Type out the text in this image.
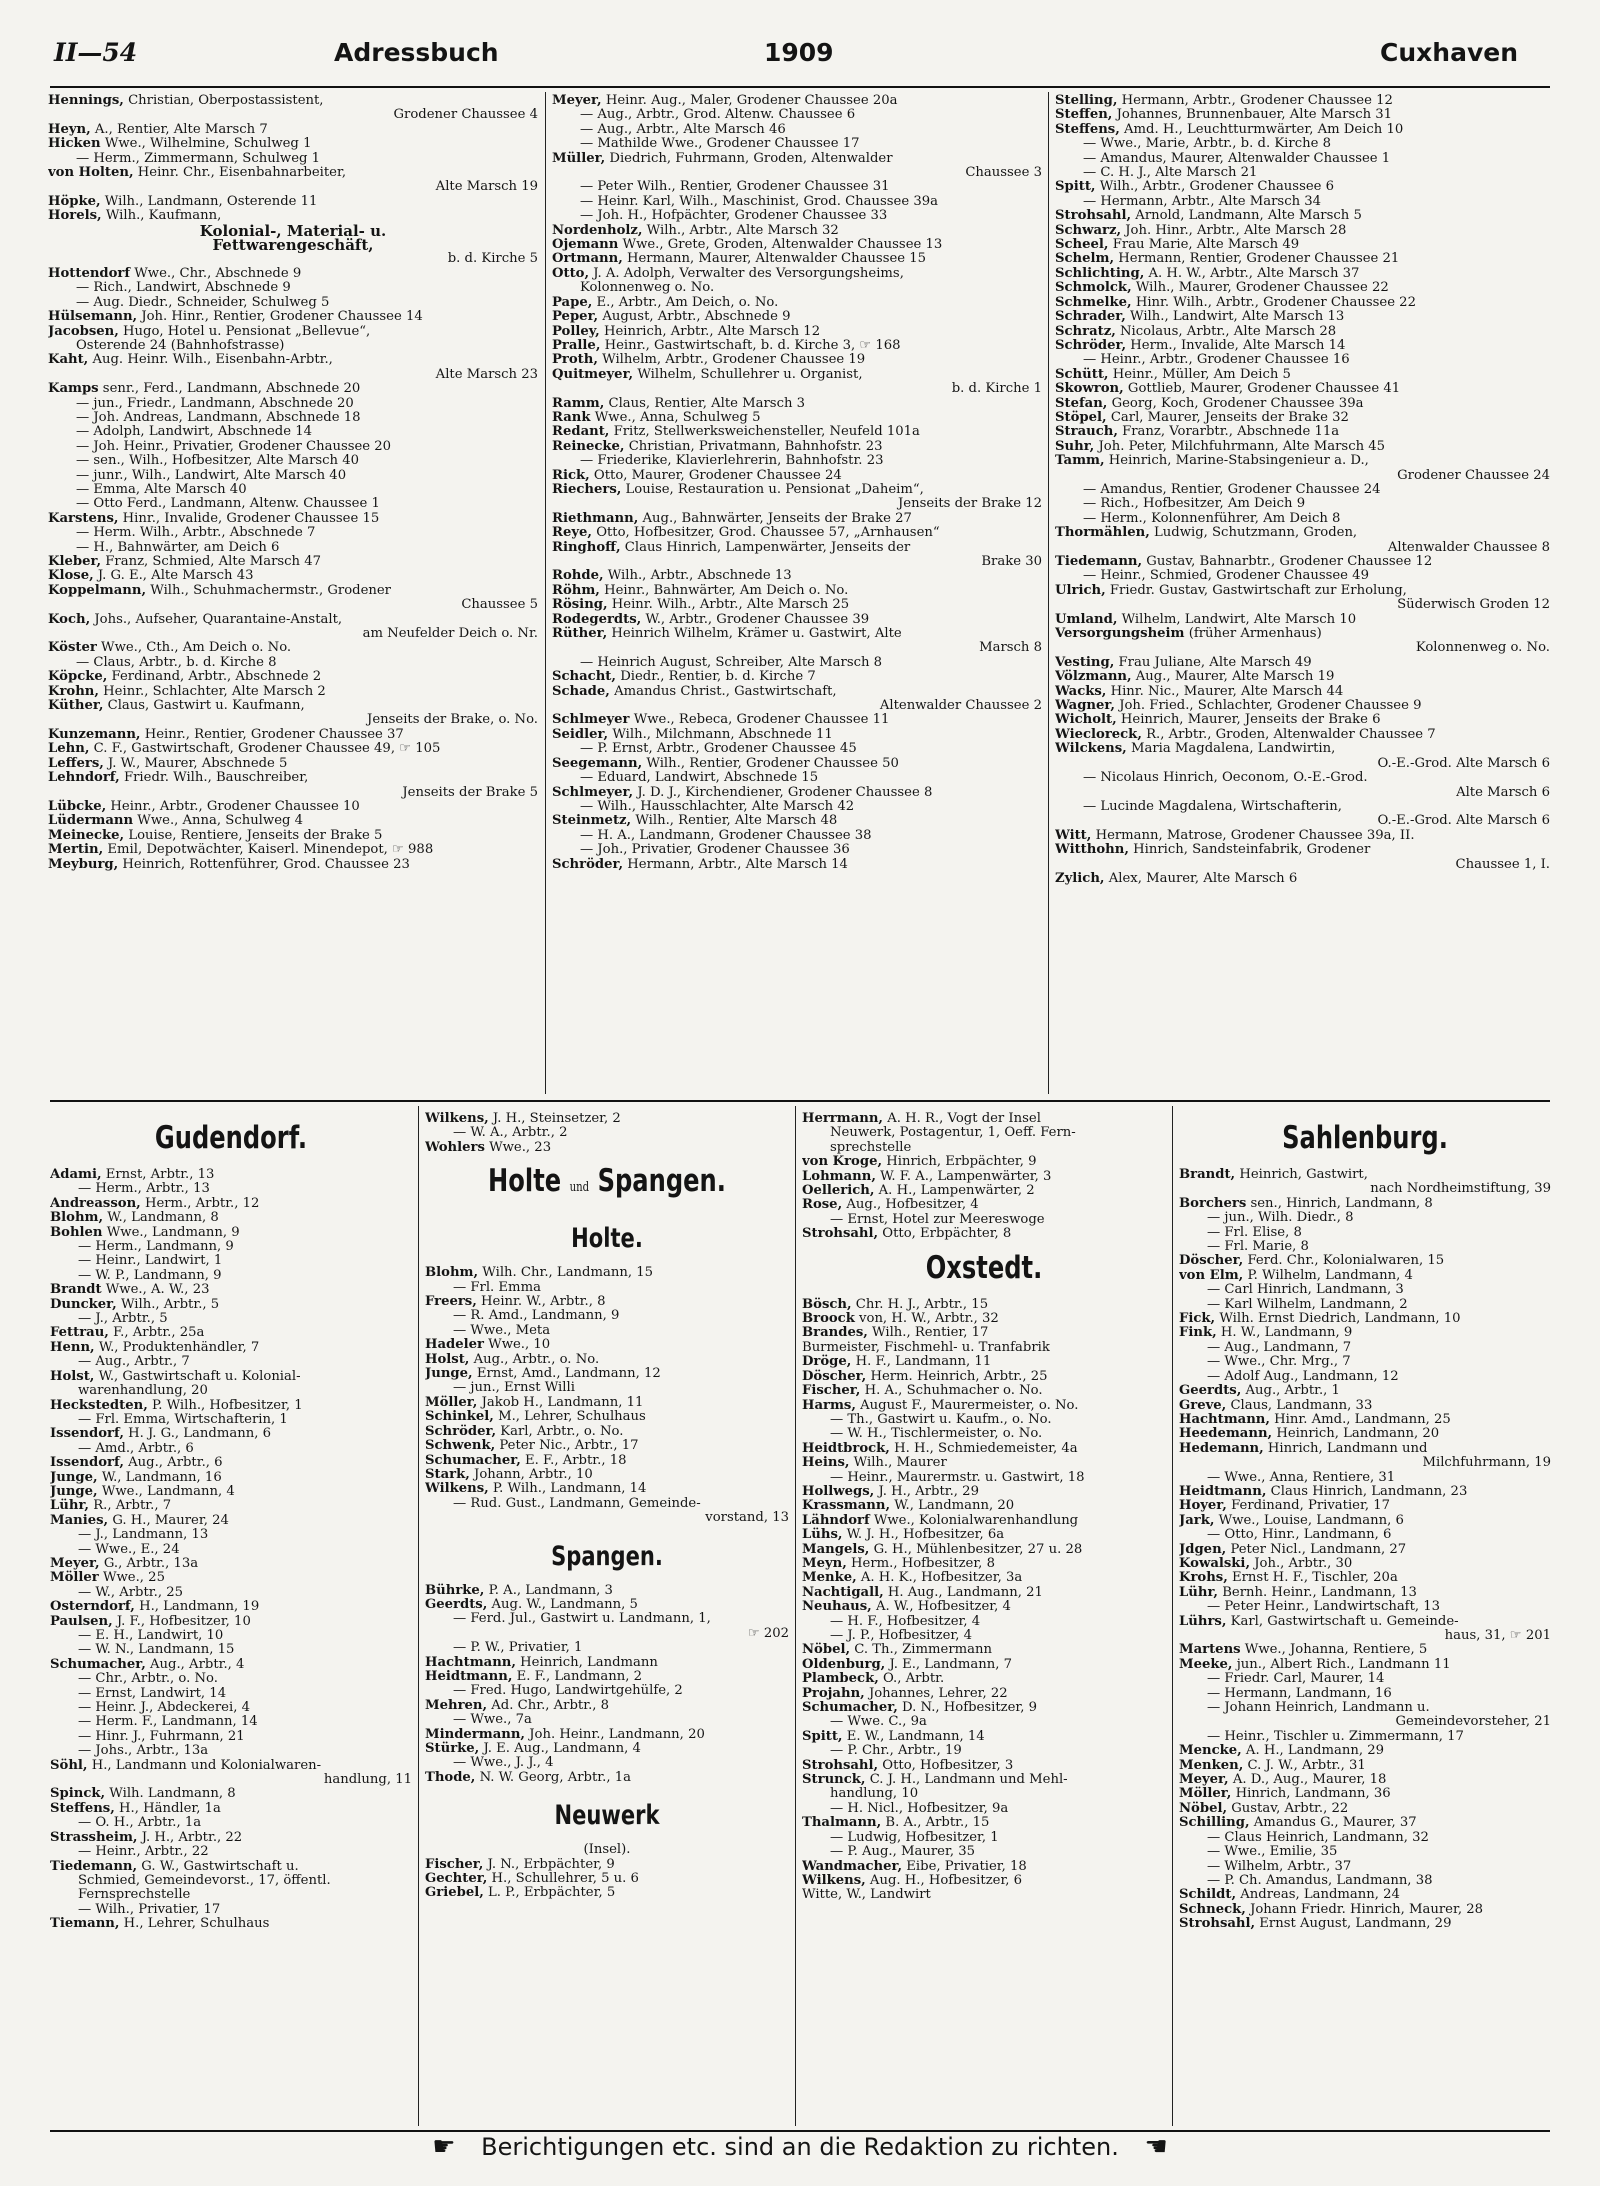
II—54	Adressbuch	1909	Cuxhaven
Hennings, Christian, Oberpostassistent,
Grodener Chaussee 4
Heyn, A., Rentier, Alte Marsch 7
Hicken Wwe., Wilhelmine, Schulweg 1
— Herm., Zimmermann, Schulweg 1
von Holten, Heinr. Chr., Eisenbahnarbeiter,
Alte Marsch 19
Höpke, Wilh., Landmann, Osterende 11
Horels, Wilh., Kaufmann,
Kolonial-, Material- u.
Fettwarengeschäft,
b. d. Kirche 5
Hottendorf Wwe., Chr., Abschnede 9
— Rich., Landwirt, Abschnede 9
— Aug. Diedr., Schneider, Schulweg 5
Hülsemann, Joh. Hinr., Rentier, Grodener Chaussee 14
Jacobsen, Hugo, Hotel u. Pensionat „Bellevue“,
Osterende 24 (Bahnhofstrasse)
Kaht, Aug. Heinr. Wilh., Eisenbahn-Arbtr.,
Alte Marsch 23
Kamps senr., Ferd., Landmann, Abschnede 20
— jun., Friedr., Landmann, Abschnede 20
— Joh. Andreas, Landmann, Abschnede 18
— Adolph, Landwirt, Abschnede 14
— Joh. Heinr., Privatier, Grodener Chaussee 20
— sen., Wilh., Hofbesitzer, Alte Marsch 40
— junr., Wilh., Landwirt, Alte Marsch 40
— Emma, Alte Marsch 40
— Otto Ferd., Landmann, Altenw. Chaussee 1
Karstens, Hinr., Invalide, Grodener Chaussee 15
— Herm. Wilh., Arbtr., Abschnede 7
— H., Bahnwärter, am Deich 6
Kleber, Franz, Schmied, Alte Marsch 47
Klose, J. G. E., Alte Marsch 43
Koppelmann, Wilh., Schuhmachermstr., Grodener
Chaussee 5
Koch, Johs., Aufseher, Quarantaine-Anstalt,
am Neufelder Deich o. Nr.
Köster Wwe., Cth., Am Deich o. No.
— Claus, Arbtr., b. d. Kirche 8
Köpcke, Ferdinand, Arbtr., Abschnede 2
Krohn, Heinr., Schlachter, Alte Marsch 2
Küther, Claus, Gastwirt u. Kaufmann,
Jenseits der Brake, o. No.
Kunzemann, Heinr., Rentier, Grodener Chaussee 37
Lehn, C. F., Gastwirtschaft, Grodener Chaussee 49, ☞ 105
Leffers, J. W., Maurer, Abschnede 5
Lehndorf, Friedr. Wilh., Bauschreiber,
Jenseits der Brake 5
Lübcke, Heinr., Arbtr., Grodener Chaussee 10
Lüdermann Wwe., Anna, Schulweg 4
Meinecke, Louise, Rentiere, Jenseits der Brake 5
Mertin, Emil, Depotwächter, Kaiserl. Minendepot, ☞ 988
Meyburg, Heinrich, Rottenführer, Grod. Chaussee 23
Meyer, Heinr. Aug., Maler, Grodener Chaussee 20a
— Aug., Arbtr., Grod. Altenw. Chaussee 6
— Aug., Arbtr., Alte Marsch 46
— Mathilde Wwe., Grodener Chaussee 17
Müller, Diedrich, Fuhrmann, Groden, Altenwalder
Chaussee 3
— Peter Wilh., Rentier, Grodener Chaussee 31
— Heinr. Karl, Wilh., Maschinist, Grod. Chaussee 39a
— Joh. H., Hofpächter, Grodener Chaussee 33
Nordenholz, Wilh., Arbtr., Alte Marsch 32
Ojemann Wwe., Grete, Groden, Altenwalder Chaussee 13
Ortmann, Hermann, Maurer, Altenwalder Chaussee 15
Otto, J. A. Adolph, Verwalter des Versorgungsheims,
Kolonnenweg o. No.
Pape, E., Arbtr., Am Deich, o. No.
Peper, August, Arbtr., Abschnede 9
Polley, Heinrich, Arbtr., Alte Marsch 12
Pralle, Heinr., Gastwirtschaft, b. d. Kirche 3, ☞ 168
Proth, Wilhelm, Arbtr., Grodener Chaussee 19
Quitmeyer, Wilhelm, Schullehrer u. Organist,
b. d. Kirche 1
Ramm, Claus, Rentier, Alte Marsch 3
Rank Wwe., Anna, Schulweg 5
Redant, Fritz, Stellwerksweichensteller, Neufeld 101a
Reinecke, Christian, Privatmann, Bahnhofstr. 23
— Friederike, Klavierlehrerin, Bahnhofstr. 23
Rick, Otto, Maurer, Grodener Chaussee 24
Riechers, Louise, Restauration u. Pensionat „Daheim“,
Jenseits der Brake 12
Riethmann, Aug., Bahnwärter, Jenseits der Brake 27
Reye, Otto, Hofbesitzer, Grod. Chaussee 57, „Arnhausen“
Ringhoff, Claus Hinrich, Lampenwärter, Jenseits der
Brake 30
Rohde, Wilh., Arbtr., Abschnede 13
Röhm, Heinr., Bahnwärter, Am Deich o. No.
Rösing, Heinr. Wilh., Arbtr., Alte Marsch 25
Rodegerdts, W., Arbtr., Grodener Chaussee 39
Rüther, Heinrich Wilhelm, Krämer u. Gastwirt, Alte
Marsch 8
— Heinrich August, Schreiber, Alte Marsch 8
Schacht, Diedr., Rentier, b. d. Kirche 7
Schade, Amandus Christ., Gastwirtschaft,
Altenwalder Chaussee 2
Schlmeyer Wwe., Rebeca, Grodener Chaussee 11
Seidler, Wilh., Milchmann, Abschnede 11
— P. Ernst, Arbtr., Grodener Chaussee 45
Seegemann, Wilh., Rentier, Grodener Chaussee 50
— Eduard, Landwirt, Abschnede 15
Schlmeyer, J. D. J., Kirchendiener, Grodener Chaussee 8
— Wilh., Hausschlachter, Alte Marsch 42
Steinmetz, Wilh., Rentier, Alte Marsch 48
— H. A., Landmann, Grodener Chaussee 38
— Joh., Privatier, Grodener Chaussee 36
Schröder, Hermann, Arbtr., Alte Marsch 14
Stelling, Hermann, Arbtr., Grodener Chaussee 12
Steffen, Johannes, Brunnenbauer, Alte Marsch 31
Steffens, Amd. H., Leuchtturmwärter, Am Deich 10
— Wwe., Marie, Arbtr., b. d. Kirche 8
— Amandus, Maurer, Altenwalder Chaussee 1
— C. H. J., Alte Marsch 21
Spitt, Wilh., Arbtr., Grodener Chaussee 6
— Hermann, Arbtr., Alte Marsch 34
Strohsahl, Arnold, Landmann, Alte Marsch 5
Schwarz, Joh. Hinr., Arbtr., Alte Marsch 28
Scheel, Frau Marie, Alte Marsch 49
Schelm, Hermann, Rentier, Grodener Chaussee 21
Schlichting, A. H. W., Arbtr., Alte Marsch 37
Schmolck, Wilh., Maurer, Grodener Chaussee 22
Schmelke, Hinr. Wilh., Arbtr., Grodener Chaussee 22
Schrader, Wilh., Landwirt, Alte Marsch 13
Schratz, Nicolaus, Arbtr., Alte Marsch 28
Schröder, Herm., Invalide, Alte Marsch 14
— Heinr., Arbtr., Grodener Chaussee 16
Schütt, Heinr., Müller, Am Deich 5
Skowron, Gottlieb, Maurer, Grodener Chaussee 41
Stefan, Georg, Koch, Grodener Chaussee 39a
Stöpel, Carl, Maurer, Jenseits der Brake 32
Strauch, Franz, Vorarbtr., Abschnede 11a
Suhr, Joh. Peter, Milchfuhrmann, Alte Marsch 45
Tamm, Heinrich, Marine-Stabsingenieur a. D.,
Grodener Chaussee 24
— Amandus, Rentier, Grodener Chaussee 24
— Rich., Hofbesitzer, Am Deich 9
— Herm., Kolonnenführer, Am Deich 8
Thormählen, Ludwig, Schutzmann, Groden,
Altenwalder Chaussee 8
Tiedemann, Gustav, Bahnarbtr., Grodener Chaussee 12
— Heinr., Schmied, Grodener Chaussee 49
Ulrich, Friedr. Gustav, Gastwirtschaft zur Erholung,
Süderwisch Groden 12
Umland, Wilhelm, Landwirt, Alte Marsch 10
Versorgungsheim (früher Armenhaus)
Kolonnenweg o. No.
Vesting, Frau Juliane, Alte Marsch 49
Völzmann, Aug., Maurer, Alte Marsch 19
Wacks, Hinr. Nic., Maurer, Alte Marsch 44
Wagner, Joh. Fried., Schlachter, Grodener Chaussee 9
Wicholt, Heinrich, Maurer, Jenseits der Brake 6
Wiecloreck, R., Arbtr., Groden, Altenwalder Chaussee 7
Wilckens, Maria Magdalena, Landwirtin,
O.-E.-Grod. Alte Marsch 6
— Nicolaus Hinrich, Oeconom, O.-E.-Grod.
Alte Marsch 6
— Lucinde Magdalena, Wirtschafterin,
O.-E.-Grod. Alte Marsch 6
Witt, Hermann, Matrose, Grodener Chaussee 39a, II.
Witthohn, Hinrich, Sandsteinfabrik, Grodener
Chaussee 1, I.
Zylich, Alex, Maurer, Alte Marsch 6
Gudendorf.
Adami, Ernst, Arbtr., 13
— Herm., Arbtr., 13
Andreasson, Herm., Arbtr., 12
Blohm, W., Landmann, 8
Bohlen Wwe., Landmann, 9
— Herm., Landmann, 9
— Heinr., Landwirt, 1
— W. P., Landmann, 9
Brandt Wwe., A. W., 23
Duncker, Wilh., Arbtr., 5
— J., Arbtr., 5
Fettrau, F., Arbtr., 25a
Henn, W., Produktenhändler, 7
— Aug., Arbtr., 7
Holst, W., Gastwirtschaft u. Kolonial-
warenhandlung, 20
Heckstedten, P. Wilh., Hofbesitzer, 1
— Frl. Emma, Wirtschafterin, 1
Issendorf, H. J. G., Landmann, 6
— Amd., Arbtr., 6
Issendorf, Aug., Arbtr., 6
Junge, W., Landmann, 16
Junge, Wwe., Landmann, 4
Lühr, R., Arbtr., 7
Manies, G. H., Maurer, 24
— J., Landmann, 13
— Wwe., E., 24
Meyer, G., Arbtr., 13a
Möller Wwe., 25
— W., Arbtr., 25
Osterndorf, H., Landmann, 19
Paulsen, J. F., Hofbesitzer, 10
— E. H., Landwirt, 10
— W. N., Landmann, 15
Schumacher, Aug., Arbtr., 4
— Chr., Arbtr., o. No.
— Ernst, Landwirt, 14
— Heinr. J., Abdeckerei, 4
— Herm. F., Landmann, 14
— Hinr. J., Fuhrmann, 21
— Johs., Arbtr., 13a
Söhl, H., Landmann und Kolonialwaren-
handlung, 11
Spinck, Wilh. Landmann, 8
Steffens, H., Händler, 1a
— O. H., Arbtr., 1a
Strassheim, J. H., Arbtr., 22
— Heinr., Arbtr., 22
Tiedemann, G. W., Gastwirtschaft u.
Schmied, Gemeindevorst., 17, öffentl.
Fernsprechstelle
— Wilh., Privatier, 17
Tiemann, H., Lehrer, Schulhaus
Wilkens, J. H., Steinsetzer, 2
— W. A., Arbtr., 2
Wohlers Wwe., 23
Holte und Spangen.
Holte.
Blohm, Wilh. Chr., Landmann, 15
— Frl. Emma
Freers, Heinr. W., Arbtr., 8
— R. Amd., Landmann, 9
— Wwe., Meta
Hadeler Wwe., 10
Holst, Aug., Arbtr., o. No.
Junge, Ernst, Amd., Landmann, 12
— jun., Ernst Willi
Möller, Jakob H., Landmann, 11
Schinkel, M., Lehrer, Schulhaus
Schröder, Karl, Arbtr., o. No.
Schwenk, Peter Nic., Arbtr., 17
Schumacher, E. F., Arbtr., 18
Stark, Johann, Arbtr., 10
Wilkens, P. Wilh., Landmann, 14
— Rud. Gust., Landmann, Gemeinde-
vorstand, 13
Spangen.
Bührke, P. A., Landmann, 3
Geerdts, Aug. W., Landmann, 5
— Ferd. Jul., Gastwirt u. Landmann, 1,
☞ 202
— P. W., Privatier, 1
Hachtmann, Heinrich, Landmann
Heidtmann, E. F., Landmann, 2
— Fred. Hugo, Landwirtgehülfe, 2
Mehren, Ad. Chr., Arbtr., 8
— Wwe., 7a
Mindermann, Joh. Heinr., Landmann, 20
Stürke, J. E. Aug., Landmann, 4
— Wwe., J. J., 4
Thode, N. W. Georg, Arbtr., 1a
Neuwerk
(Insel).
Fischer, J. N., Erbpächter, 9
Gechter, H., Schullehrer, 5 u. 6
Griebel, L. P., Erbpächter, 5
Herrmann, A. H. R., Vogt der Insel
Neuwerk, Postagentur, 1, Oeff. Fern-
sprechstelle
von Kroge, Hinrich, Erbpächter, 9
Lohmann, W. F. A., Lampenwärter, 3
Oellerich, A. H., Lampenwärter, 2
Rose, Aug., Hofbesitzer, 4
— Ernst, Hotel zur Meereswoge
Strohsahl, Otto, Erbpächter, 8
Oxstedt.
Bösch, Chr. H. J., Arbtr., 15
Broock von, H. W., Arbtr., 32
Brandes, Wilh., Rentier, 17
Burmeister, Fischmehl- u. Tranfabrik
Dröge, H. F., Landmann, 11
Döscher, Herm. Heinrich, Arbtr., 25
Fischer, H. A., Schuhmacher o. No.
Harms, August F., Maurermeister, o. No.
— Th., Gastwirt u. Kaufm., o. No.
— W. H., Tischlermeister, o. No.
Heidtbrock, H. H., Schmiedemeister, 4a
Heins, Wilh., Maurer
— Heinr., Maurermstr. u. Gastwirt, 18
Hollwegs, J. H., Arbtr., 29
Krassmann, W., Landmann, 20
Lähndorf Wwe., Kolonialwarenhandlung
Lühs, W. J. H., Hofbesitzer, 6a
Mangels, G. H., Mühlenbesitzer, 27 u. 28
Meyn, Herm., Hofbesitzer, 8
Menke, A. H. K., Hofbesitzer, 3a
Nachtigall, H. Aug., Landmann, 21
Neuhaus, A. W., Hofbesitzer, 4
— H. F., Hofbesitzer, 4
— J. P., Hofbesitzer, 4
Nöbel, C. Th., Zimmermann
Oldenburg, J. E., Landmann, 7
Plambeck, O., Arbtr.
Projahn, Johannes, Lehrer, 22
Schumacher, D. N., Hofbesitzer, 9
— Wwe. C., 9a
Spitt, E. W., Landmann, 14
— P. Chr., Arbtr., 19
Strohsahl, Otto, Hofbesitzer, 3
Strunck, C. J. H., Landmann und Mehl-
handlung, 10
— H. Nicl., Hofbesitzer, 9a
Thalmann, B. A., Arbtr., 15
— Ludwig, Hofbesitzer, 1
— P. Aug., Maurer, 35
Wandmacher, Eibe, Privatier, 18
Wilkens, Aug. H., Hofbesitzer, 6
Witte, W., Landwirt
Sahlenburg.
Brandt, Heinrich, Gastwirt,
nach Nordheimstiftung, 39
Borchers sen., Hinrich, Landmann, 8
— jun., Wilh. Diedr., 8
— Frl. Elise, 8
— Frl. Marie, 8
Döscher, Ferd. Chr., Kolonialwaren, 15
von Elm, P. Wilhelm, Landmann, 4
— Carl Hinrich, Landmann, 3
— Karl Wilhelm, Landmann, 2
Fick, Wilh. Ernst Diedrich, Landmann, 10
Fink, H. W., Landmann, 9
— Aug., Landmann, 7
— Wwe., Chr. Mrg., 7
— Adolf Aug., Landmann, 12
Geerdts, Aug., Arbtr., 1
Greve, Claus, Landmann, 33
Hachtmann, Hinr. Amd., Landmann, 25
Heedemann, Heinrich, Landmann, 20
Hedemann, Hinrich, Landmann und
Milchfuhrmann, 19
— Wwe., Anna, Rentiere, 31
Heidtmann, Claus Hinrich, Landmann, 23
Hoyer, Ferdinand, Privatier, 17
Jark, Wwe., Louise, Landmann, 6
— Otto, Hinr., Landmann, 6
Jdgen, Peter Nicl., Landmann, 27
Kowalski, Joh., Arbtr., 30
Krohs, Ernst H. F., Tischler, 20a
Lühr, Bernh. Heinr., Landmann, 13
— Peter Heinr., Landwirtschaft, 13
Lührs, Karl, Gastwirtschaft u. Gemeinde-
haus, 31, ☞ 201
Martens Wwe., Johanna, Rentiere, 5
Meeke, jun., Albert Rich., Landmann 11
— Friedr. Carl, Maurer, 14
— Hermann, Landmann, 16
— Johann Heinrich, Landmann u.
Gemeindevorsteher, 21
— Heinr., Tischler u. Zimmermann, 17
Mencke, A. H., Landmann, 29
Menken, C. J. W., Arbtr., 31
Meyer, A. D., Aug., Maurer, 18
Möller, Hinrich, Landmann, 36
Nöbel, Gustav, Arbtr., 22
Schilling, Amandus G., Maurer, 37
— Claus Heinrich, Landmann, 32
— Wwe., Emilie, 35
— Wilhelm, Arbtr., 37
— P. Ch. Amandus, Landmann, 38
Schildt, Andreas, Landmann, 24
Schneck, Johann Friedr. Hinrich, Maurer, 28
Strohsahl, Ernst August, Landmann, 29
☛ Berichtigungen etc. sind an die Redaktion zu richten. ☚
